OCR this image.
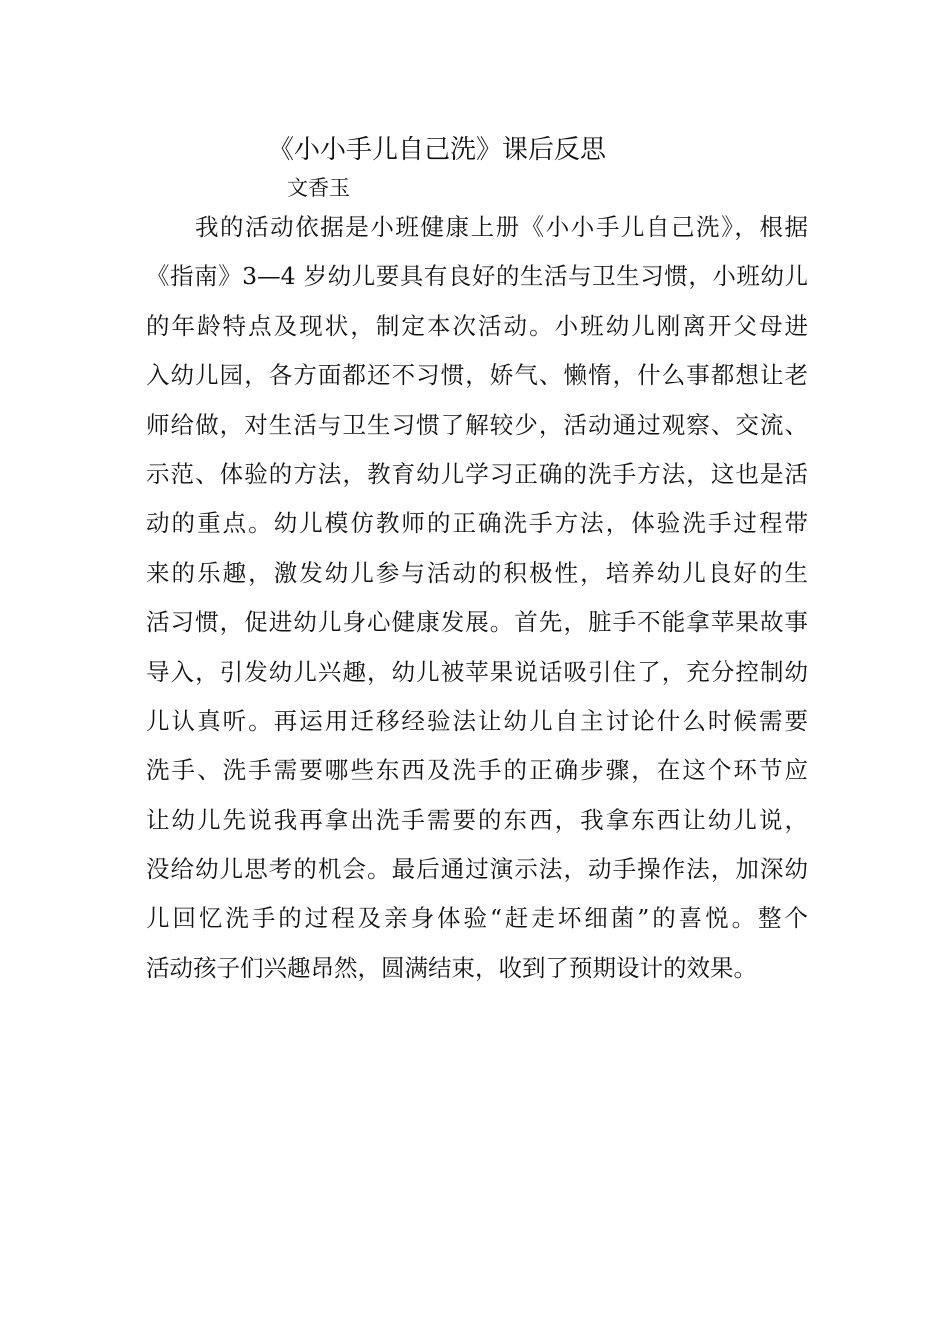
《小小手儿自己洗》课后反思
文香玉
我的活动依据是小班健康上册《小小手儿自己洗》，根据
《指南》3—4 岁幼儿要具有良好的生活与卫生习惯，小班幼儿
的年龄特点及现状，制定本次活动。小班幼儿刚离开父母进
入幼儿园，各方面都还不习惯，娇气、懒惰，什么事都想让老
师给做，对生活与卫生习惯了解较少，活动通过观察、交流、
示范、体验的方法，教育幼儿学习正确的洗手方法，这也是活
动的重点。幼儿模仿教师的正确洗手方法，体验洗手过程带
来的乐趣，激发幼儿参与活动的积极性，培养幼儿良好的生
活习惯，促进幼儿身心健康发展。首先，脏手不能拿苹果故事
导入，引发幼儿兴趣，幼儿被苹果说话吸引住了，充分控制幼
儿认真听。再运用迁移经验法让幼儿自主讨论什么时候需要
洗手、洗手需要哪些东西及洗手的正确步骤，在这个环节应
让幼儿先说我再拿出洗手需要的东西，我拿东西让幼儿说，
没给幼儿思考的机会。最后通过演示法，动手操作法，加深幼
儿回忆洗手的过程及亲身体验“赶走坏细菌”的喜悦。整个
活动孩子们兴趣昂然，圆满结束，收到了预期设计的效果。
